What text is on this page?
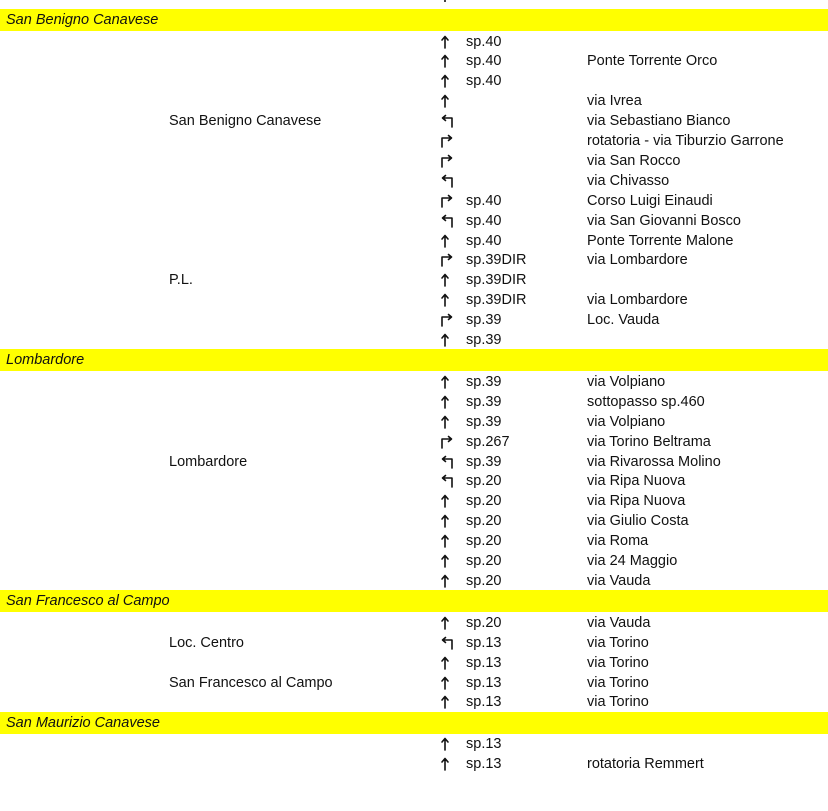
San Benigno Canavese
sp.40
sp.40	Ponte Torrente Orco
sp.40
via Ivrea
San Benigno Canavese	via Sebastiano Bianco
rotatoria - via Tiburzio Garrone
via San Rocco
via Chivasso
sp.40	Corso Luigi Einaudi
sp.40	via San Giovanni Bosco
sp.40	Ponte Torrente Malone
sp.39DIR	via Lombardore
P.L.	sp.39DIR
sp.39DIR	via Lombardore
sp.39	Loc. Vauda
sp.39
Lombardore
sp.39	via Volpiano
sp.39	sottopasso sp.460
sp.39	via Volpiano
sp.267	via Torino Beltrama
Lombardore	sp.39	via Rivarossa Molino
sp.20	via Ripa Nuova
sp.20	via Ripa Nuova
sp.20	via Giulio Costa
sp.20	via Roma
sp.20	via 24 Maggio
sp.20	via Vauda
San Francesco al Campo
sp.20	via Vauda
Loc. Centro	sp.13	via Torino
sp.13	via Torino
San Francesco al Campo	sp.13	via Torino
sp.13	via Torino
San Maurizio Canavese
sp.13
sp.13	rotatoria Remmert
